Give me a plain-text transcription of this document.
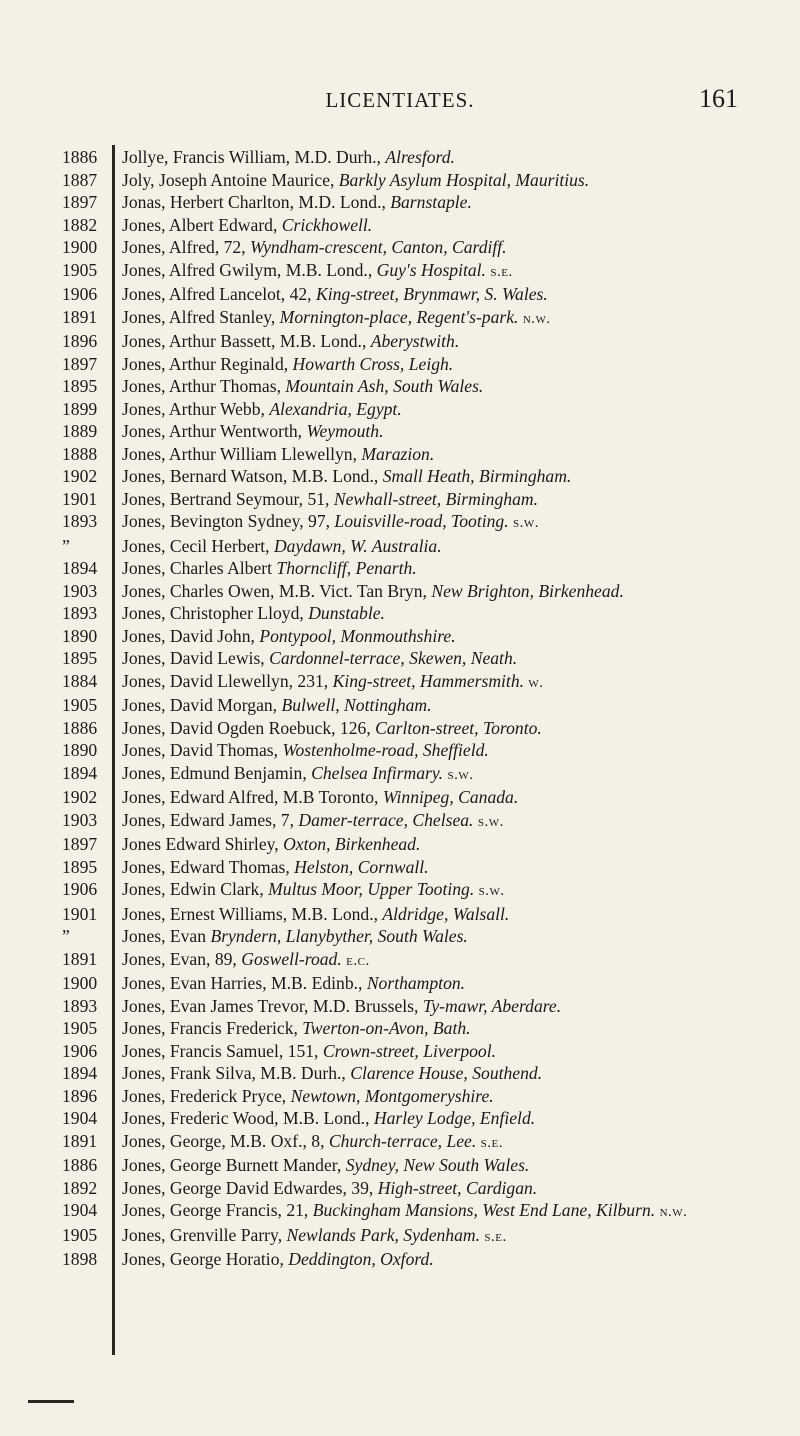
LICENTIATES.	161
1886	Jollye, Francis William, M.D. Durh., Alresford.
1887	Joly, Joseph Antoine Maurice, Barkly Asylum Hospital, Mauritius.
1897	Jonas, Herbert Charlton, M.D. Lond., Barnstaple.
1882	Jones, Albert Edward, Crickhowell.
1900	Jones, Alfred, 72, Wyndham-crescent, Canton, Cardiff.
1905	Jones, Alfred Gwilym, M.B. Lond., Guy's Hospital. s.e.
1906	Jones, Alfred Lancelot, 42, King-street, Brynmawr, S. Wales.
1891	Jones, Alfred Stanley, Mornington-place, Regent's-park. n.w.
1896	Jones, Arthur Bassett, M.B. Lond., Aberystwith.
1897	Jones, Arthur Reginald, Howarth Cross, Leigh.
1895	Jones, Arthur Thomas, Mountain Ash, South Wales.
1899	Jones, Arthur Webb, Alexandria, Egypt.
1889	Jones, Arthur Wentworth, Weymouth.
1888	Jones, Arthur William Llewellyn, Marazion.
1902	Jones, Bernard Watson, M.B. Lond., Small Heath, Birmingham.
1901	Jones, Bertrand Seymour, 51, Newhall-street, Birmingham.
1893	Jones, Bevington Sydney, 97, Louisville-road, Tooting. s.w.
”	Jones, Cecil Herbert, Daydawn, W. Australia.
1894	Jones, Charles Albert Thorncliff, Penarth.
1903	Jones, Charles Owen, M.B. Vict. Tan Bryn, New Brighton, Birkenhead.
1893	Jones, Christopher Lloyd, Dunstable.
1890	Jones, David John, Pontypool, Monmouthshire.
1895	Jones, David Lewis, Cardonnel-terrace, Skewen, Neath.
1884	Jones, David Llewellyn, 231, King-street, Hammersmith. w.
1905	Jones, David Morgan, Bulwell, Nottingham.
1886	Jones, David Ogden Roebuck, 126, Carlton-street, Toronto.
1890	Jones, David Thomas, Wostenholme-road, Sheffield.
1894	Jones, Edmund Benjamin, Chelsea Infirmary. s.w.
1902	Jones, Edward Alfred, M.B Toronto, Winnipeg, Canada.
1903	Jones, Edward James, 7, Damer-terrace, Chelsea. s.w.
1897	Jones Edward Shirley, Oxton, Birkenhead.
1895	Jones, Edward Thomas, Helston, Cornwall.
1906	Jones, Edwin Clark, Multus Moor, Upper Tooting. s.w.
1901	Jones, Ernest Williams, M.B. Lond., Aldridge, Walsall.
”	Jones, Evan Bryndern, Llanybyther, South Wales.
1891	Jones, Evan, 89, Goswell-road. e.c.
1900	Jones, Evan Harries, M.B. Edinb., Northampton.
1893	Jones, Evan James Trevor, M.D. Brussels, Ty-mawr, Aberdare.
1905	Jones, Francis Frederick, Twerton-on-Avon, Bath.
1906	Jones, Francis Samuel, 151, Crown-street, Liverpool.
1894	Jones, Frank Silva, M.B. Durh., Clarence House, Southend.
1896	Jones, Frederick Pryce, Newtown, Montgomeryshire.
1904	Jones, Frederic Wood, M.B. Lond., Harley Lodge, Enfield.
1891	Jones, George, M.B. Oxf., 8, Church-terrace, Lee. s.e.
1886	Jones, George Burnett Mander, Sydney, New South Wales.
1892	Jones, George David Edwardes, 39, High-street, Cardigan.
1904	Jones, George Francis, 21, Buckingham Mansions, West End Lane, Kilburn. n.w.
1905	Jones, Grenville Parry, Newlands Park, Sydenham. s.e.
1898	Jones, George Horatio, Deddington, Oxford.
